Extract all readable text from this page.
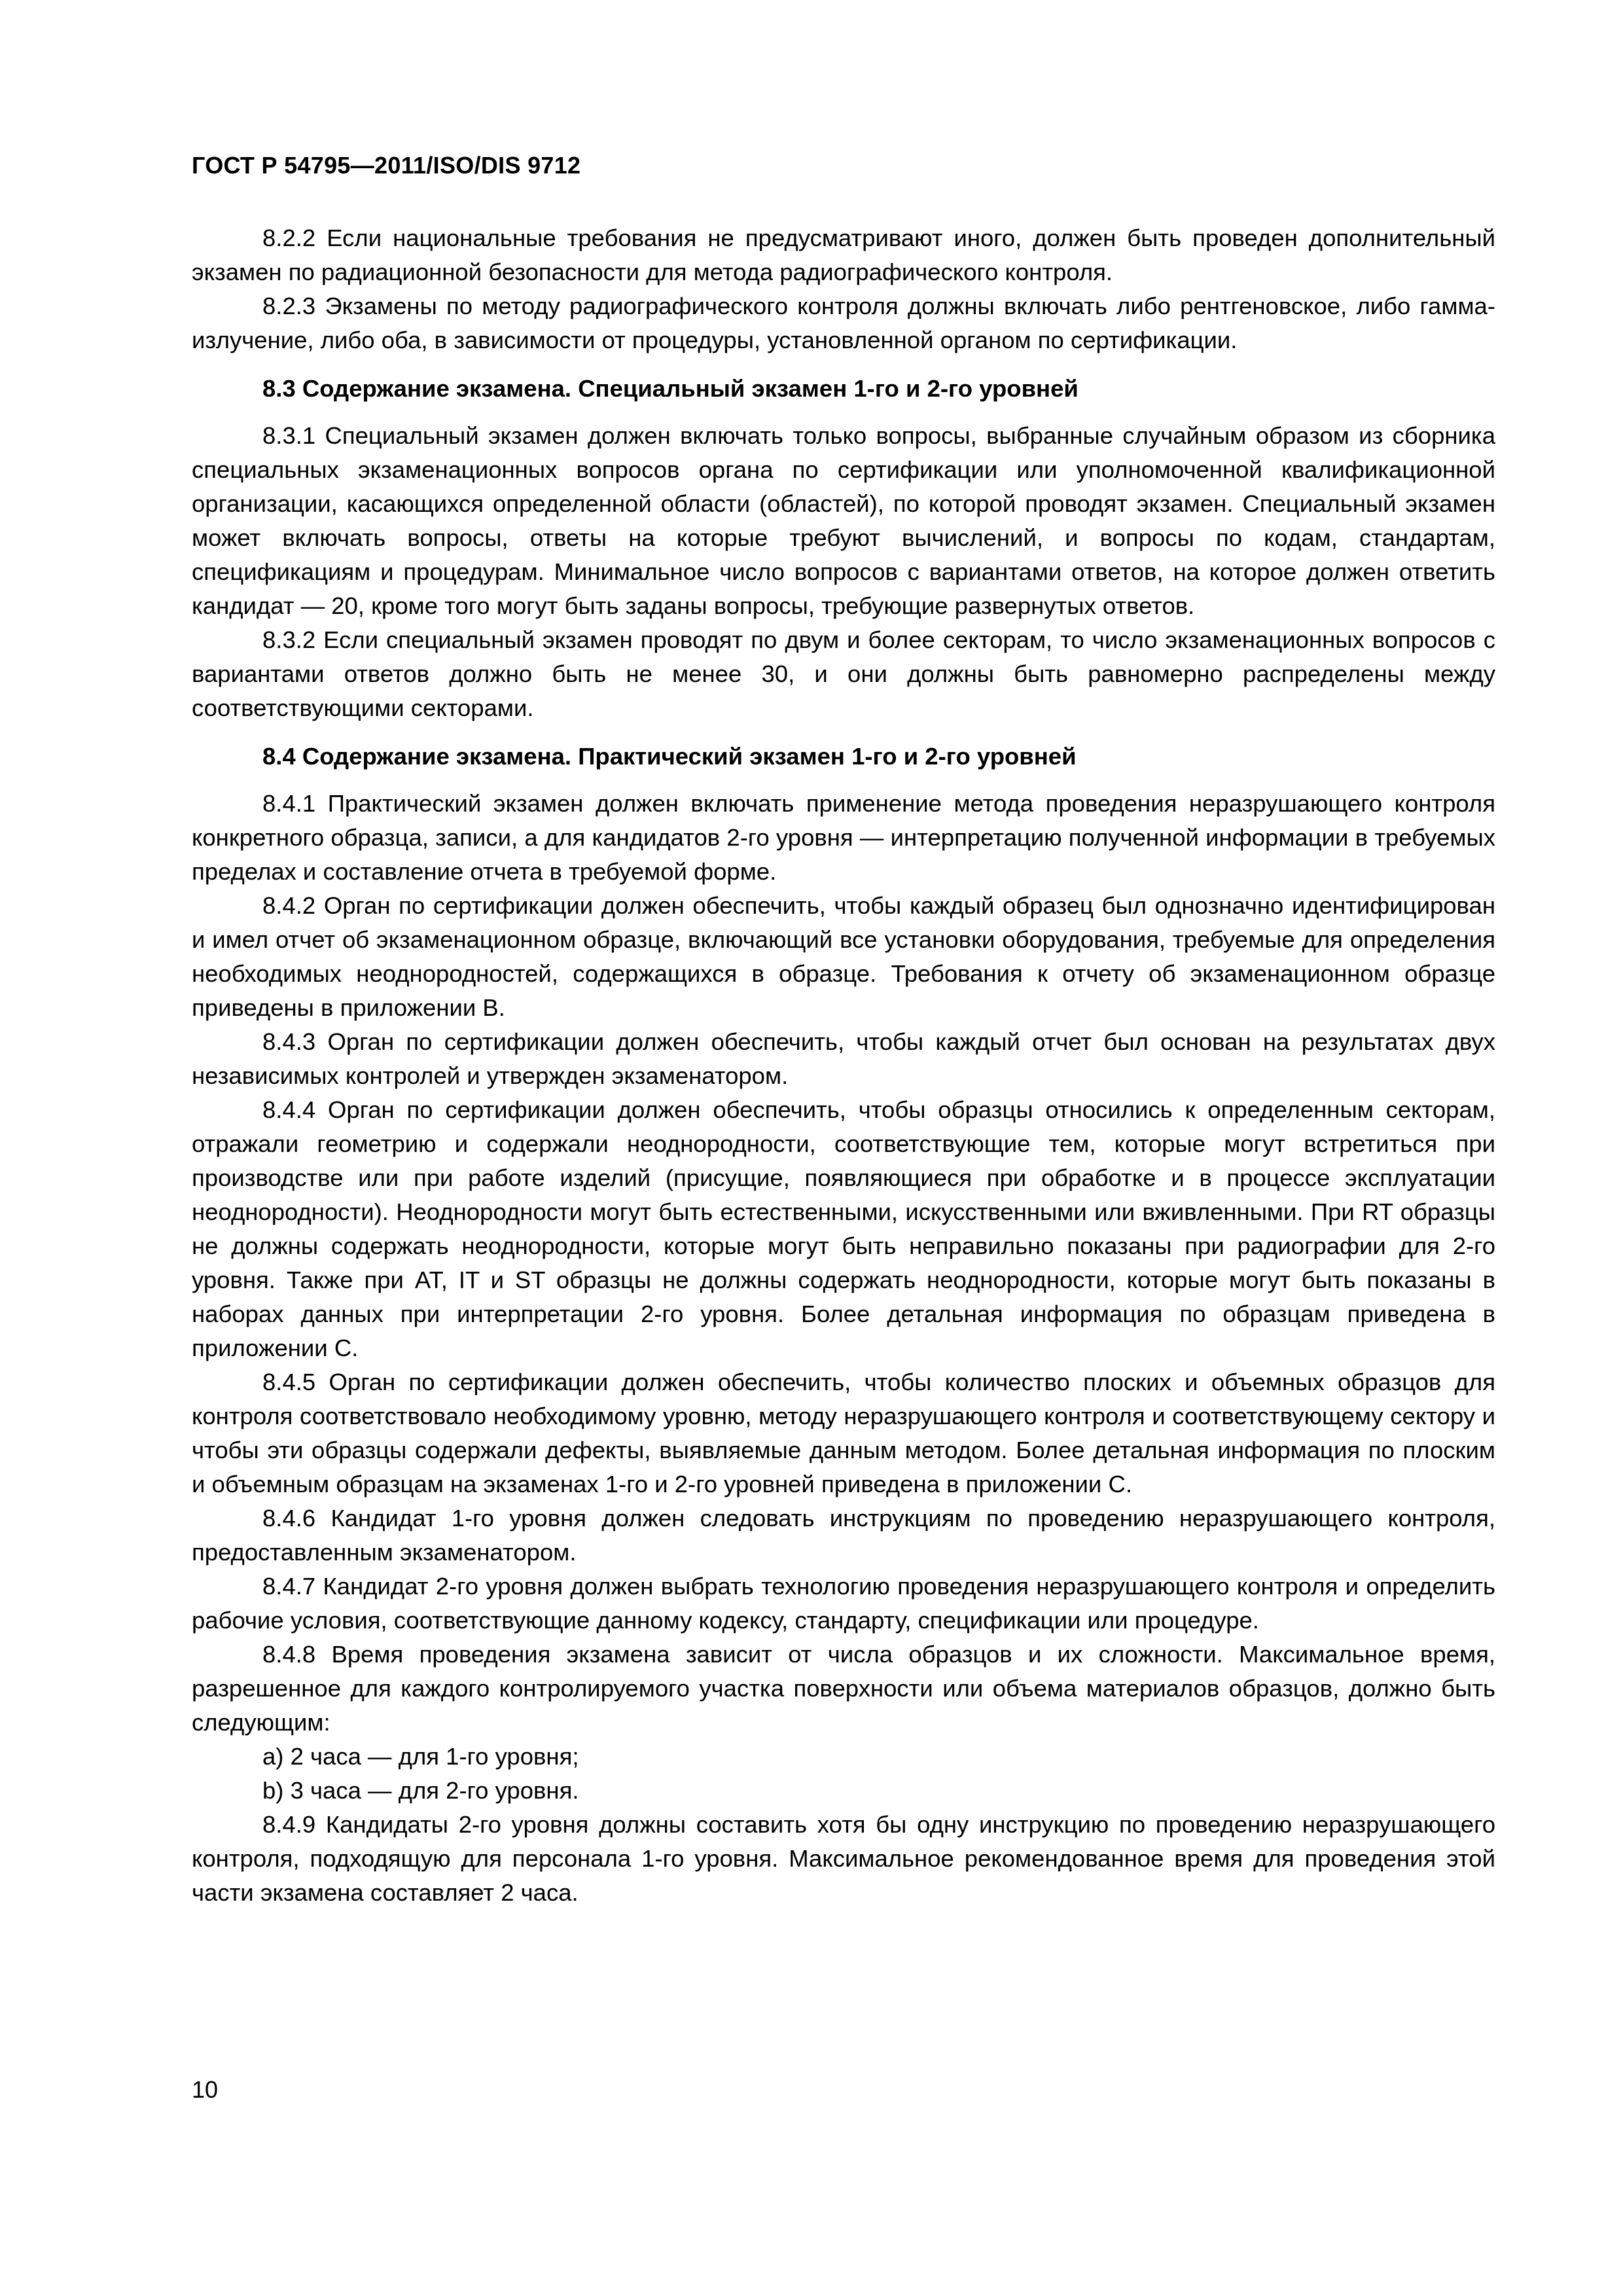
ГОСТ Р 54795—2011/ISO/DIS 9712

8.2.2 Если национальные требования не предусматривают иного, должен быть проведен дополнительный экзамен по радиационной безопасности для метода радиографического контроля.

8.2.3 Экзамены по методу радиографического контроля должны включать либо рентгеновское, либо гамма-излучение, либо оба, в зависимости от процедуры, установленной органом по сертификации.

8.3 Содержание экзамена. Специальный экзамен 1-го и 2-го уровней

8.3.1 Специальный экзамен должен включать только вопросы, выбранные случайным образом из сборника специальных экзаменационных вопросов органа по сертификации или уполномоченной квалификационной организации, касающихся определенной области (областей), по которой проводят экзамен. Специальный экзамен может включать вопросы, ответы на которые требуют вычислений, и вопросы по кодам, стандартам, спецификациям и процедурам. Минимальное число вопросов с вариантами ответов, на которое должен ответить кандидат — 20, кроме того могут быть заданы вопросы, требующие развернутых ответов.

8.3.2 Если специальный экзамен проводят по двум и более секторам, то число экзаменационных вопросов с вариантами ответов должно быть не менее 30, и они должны быть равномерно распределены между соответствующими секторами.

8.4 Содержание экзамена. Практический экзамен 1-го и 2-го уровней

8.4.1 Практический экзамен должен включать применение метода проведения неразрушающего контроля конкретного образца, записи, а для кандидатов 2-го уровня — интерпретацию полученной информации в требуемых пределах и составление отчета в требуемой форме.

8.4.2 Орган по сертификации должен обеспечить, чтобы каждый образец был однозначно идентифицирован и имел отчет об экзаменационном образце, включающий все установки оборудования, требуемые для определения необходимых неоднородностей, содержащихся в образце. Требования к отчету об экзаменационном образце приведены в приложении В.

8.4.3 Орган по сертификации должен обеспечить, чтобы каждый отчет был основан на результатах двух независимых контролей и утвержден экзаменатором.

8.4.4 Орган по сертификации должен обеспечить, чтобы образцы относились к определенным секторам, отражали геометрию и содержали неоднородности, соответствующие тем, которые могут встретиться при производстве или при работе изделий (присущие, появляющиеся при обработке и в процессе эксплуатации неоднородности). Неоднородности могут быть естественными, искусственными или вживленными. При RT образцы не должны содержать неоднородности, которые могут быть неправильно показаны при радиографии для 2-го уровня. Также при AT, IT и ST образцы не должны содержать неоднородности, которые могут быть показаны в наборах данных при интерпретации 2-го уровня. Более детальная информация по образцам приведена в приложении С.

8.4.5 Орган по сертификации должен обеспечить, чтобы количество плоских и объемных образцов для контроля соответствовало необходимому уровню, методу неразрушающего контроля и соответствующему сектору и чтобы эти образцы содержали дефекты, выявляемые данным методом. Более детальная информация по плоским и объемным образцам на экзаменах 1-го и 2-го уровней приведена в приложении С.

8.4.6 Кандидат 1-го уровня должен следовать инструкциям по проведению неразрушающего контроля, предоставленным экзаменатором.

8.4.7 Кандидат 2-го уровня должен выбрать технологию проведения неразрушающего контроля и определить рабочие условия, соответствующие данному кодексу, стандарту, спецификации или процедуре.

8.4.8 Время проведения экзамена зависит от числа образцов и их сложности. Максимальное время, разрешенное для каждого контролируемого участка поверхности или объема материалов образцов, должно быть следующим:

a) 2 часа — для 1-го уровня;

b) 3 часа — для 2-го уровня.

8.4.9 Кандидаты 2-го уровня должны составить хотя бы одну инструкцию по проведению неразрушающего контроля, подходящую для персонала 1-го уровня. Максимальное рекомендованное время для проведения этой части экзамена составляет 2 часа.

10
